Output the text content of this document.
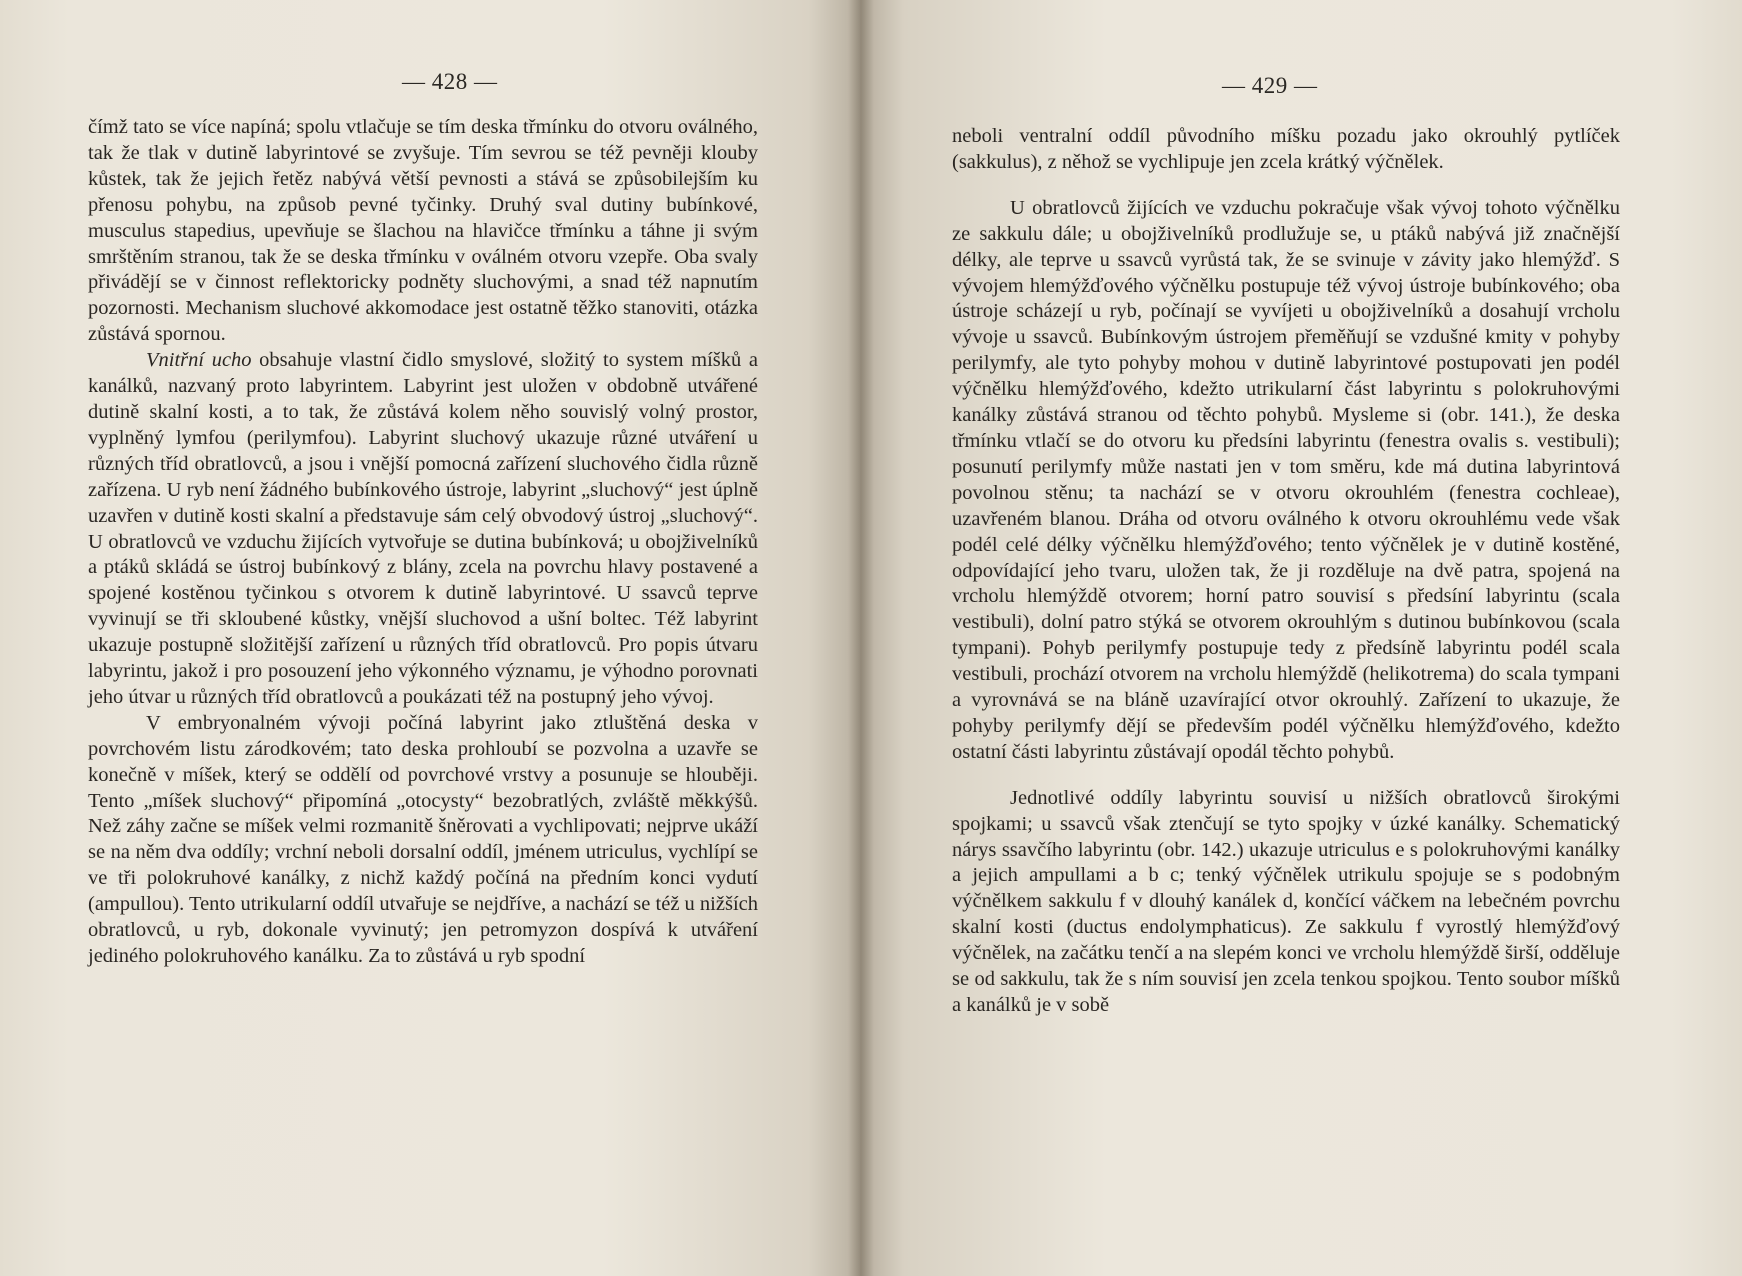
— 428 —

čímž tato se více napíná; spolu vtlačuje se tím deska třmínku do otvoru oválného, tak že tlak v dutině labyrintové se zvyšuje. Tím sevrou se též pevněji klouby kůstek, tak že jejich řetěz nabývá větší pevnosti a stává se způsobilejším ku přenosu pohybu, na způsob pevné tyčinky. Druhý sval dutiny bubínkové, musculus stapedius, upevňuje se šlachou na hlavičce třmínku a táhne ji svým smrštěním stranou, tak že se deska třmínku v oválném otvoru vzepře. Oba svaly přivádějí se v činnost reflektoricky podněty sluchovými, a snad též napnutím pozornosti. Mechanism sluchové akkomodace jest ostatně těžko stanoviti, otázka zůstává spornou.

Vnitřní ucho obsahuje vlastní čidlo smyslové, složitý to system míšků a kanálků, nazvaný proto labyrintem. Labyrint jest uložen v obdobně utvářené dutině skalní kosti, a to tak, že zůstává kolem něho souvislý volný prostor, vyplněný lymfou (perilymfou). Labyrint sluchový ukazuje různé utváření u různých tříd obratlovců, a jsou i vnější pomocná zařízení sluchového čidla různě zařízena. U ryb není žádného bubínkového ústroje, labyrint „sluchový“ jest úplně uzavřen v dutině kosti skalní a představuje sám celý obvodový ústroj „sluchový“. U obratlovců ve vzduchu žijících vytvořuje se dutina bubínková; u obojživelníků a ptáků skládá se ústroj bubínkový z blány, zcela na povrchu hlavy postavené a spojené kostěnou tyčinkou s otvorem k dutině labyrintové. U ssavců teprve vyvinují se tři skloubené kůstky, vnější sluchovod a ušní boltec. Též labyrint ukazuje postupně složitější zařízení u různých tříd obratlovců. Pro popis útvaru labyrintu, jakož i pro posouzení jeho výkonného významu, je výhodno porovnati jeho útvar u různých tříd obratlovců a poukázati též na postupný jeho vývoj.

V embryonalném vývoji počíná labyrint jako ztluštěná deska v povrchovém listu zárodkovém; tato deska prohloubí se pozvolna a uzavře se konečně v míšek, který se oddělí od povrchové vrstvy a posunuje se hlouběji. Tento „míšek sluchový“ připomíná „otocysty“ bezobratlých, zvláště měkkýšů. Než záhy začne se míšek velmi rozmanitě šněrovati a vychlipovati; nejprve ukáží se na něm dva oddíly; vrchní neboli dorsalní oddíl, jménem utriculus, vychlípí se ve tři polokruhové kanálky, z nichž každý počíná na předním konci vydutí (ampullou). Tento utrikularní oddíl utvařuje se nejdříve, a nachází se též u nižších obratlovců, u ryb, dokonale vyvinutý; jen petromyzon dospívá k utváření jediného polokruhového kanálku. Za to zůstává u ryb spodní

— 429 —

neboli ventralní oddíl původního míšku pozadu jako okrouhlý pytlíček (sakkulus), z něhož se vychlipuje jen zcela krátký výčnělek.

U obratlovců žijících ve vzduchu pokračuje však vývoj tohoto výčnělku ze sakkulu dále; u obojživelníků prodlužuje se, u ptáků nabývá již značnější délky, ale teprve u ssavců vyrůstá tak, že se svinuje v závity jako hlemýžď. S vývojem hlemýžďového výčnělku postupuje též vývoj ústroje bubínkového; oba ústroje scházejí u ryb, počínají se vyvíjeti u obojživelníků a dosahují vrcholu vývoje u ssavců. Bubínkovým ústrojem přeměňují se vzdušné kmity v pohyby perilymfy, ale tyto pohyby mohou v dutině labyrintové postupovati jen podél výčnělku hlemýžďového, kdežto utrikularní část labyrintu s polokruhovými kanálky zůstává stranou od těchto pohybů. Mysleme si (obr. 141.), že deska třmínku vtlačí se do otvoru ku předsíni labyrintu (fenestra ovalis s. vestibuli); posunutí perilymfy může nastati jen v tom směru, kde má dutina labyrintová povolnou stěnu; ta nachází se v otvoru okrouhlém (fenestra cochleae), uzavřeném blanou. Dráha od otvoru oválného k otvoru okrouhlému vede však podél celé délky výčnělku hlemýžďového; tento výčnělek je v dutině kostěné, odpovídající jeho tvaru, uložen tak, že ji rozděluje na dvě patra, spojená na vrcholu hlemýždě otvorem; horní patro souvisí s předsíní labyrintu (scala vestibuli), dolní patro stýká se otvorem okrouhlým s dutinou bubínkovou (scala tympani). Pohyb perilymfy postupuje tedy z předsíně labyrintu podél scala vestibuli, prochází otvorem na vrcholu hlemýždě (helikotrema) do scala tympani a vyrovnává se na bláně uzavírající otvor okrouhlý. Zařízení to ukazuje, že pohyby perilymfy dějí se především podél výčnělku hlemýžďového, kdežto ostatní části labyrintu zůstávají opodál těchto pohybů.

Jednotlivé oddíly labyrintu souvisí u nižších obratlovců širokými spojkami; u ssavců však ztenčují se tyto spojky v úzké kanálky. Schematický nárys ssavčího labyrintu (obr. 142.) ukazuje utriculus e s polokruhovými kanálky a jejich ampullami a b c; tenký výčnělek utrikulu spojuje se s podobným výčnělkem sakkulu f v dlouhý kanálek d, končící váčkem na lebečném povrchu skalní kosti (ductus endolymphaticus). Ze sakkulu f vyrostlý hlemýžďový výčnělek, na začátku tenčí a na slepém konci ve vrcholu hlemýždě širší, odděluje se od sakkulu, tak že s ním souvisí jen zcela tenkou spojkou. Tento soubor míšků a kanálků je v sobě
